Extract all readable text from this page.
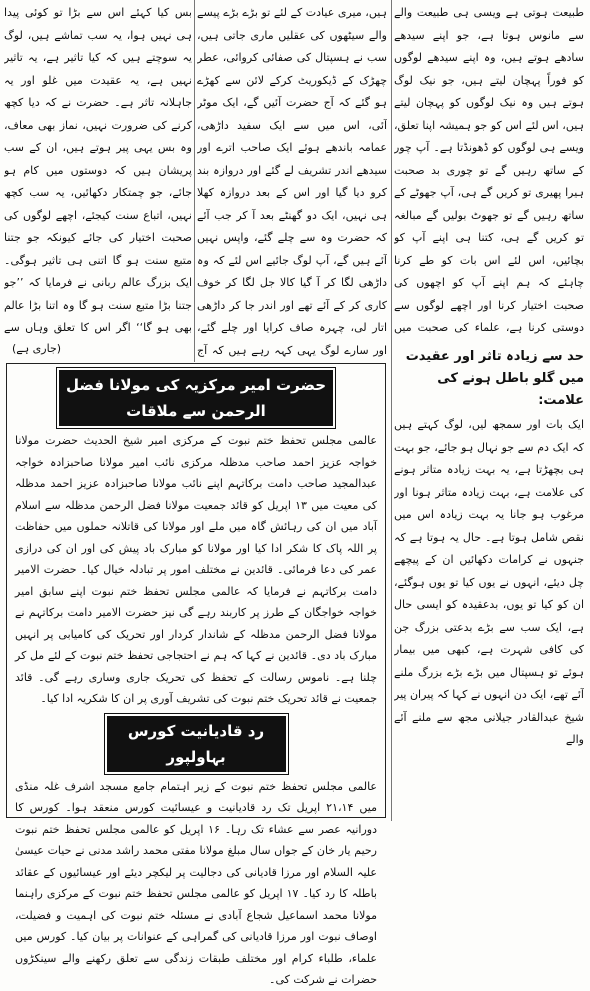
طبیعت ہوتی ہے ویسی ہی طبیعت والے سے مانوس ہوتا ہے، جو اپنے سیدھے سادھے ہوتے ہیں، وہ اپنے سیدھے لوگوں کو فوراً پہچان لیتے ہیں، جو نیک لوگ ہوتے ہیں وہ نیک لوگوں کو پہچان لیتے ہیں، اس لئے اس کو جو ہمیشہ اپنا تعلق، ویسے ہی لوگوں کو ڈھونڈتا ہے۔ آپ چور کے ساتھ رہیں گے تو چوری بد صحبت ہیرا پھیری تو کریں گے ہی، آپ جھوٹے کے ساتھ رہیں گے تو جھوٹ بولیں گے مبالغہ تو کریں گے ہی، کتنا ہی اپنے آپ کو بچائیں، اس لئے اس بات کو طے کرنا چاہئے کہ ہم اپنے آپ کو اچھوں کی صحبت اختیار کرنا اور اچھے لوگوں سے دوستی کرنا ہے، علماء کی صحبت میں

ہیں، میری عیادت کے لئے تو بڑے بڑے پیسے والے سیٹھوں کی عقلیں ماری جاتی ہیں، سب نے ہسپتال کی صفائی کروائی، عطر چھڑک کے ڈیکوریٹ کرکے لائن سے کھڑے ہو گئے کہ آج حضرت آئیں گے، ایک موٹر آئی، اس میں سے ایک سفید داڑھی، عمامہ باندھے ہوئے ایک صاحب اترے اور سیدھے اندر تشریف لے گئے اور دروازہ بند کرو دیا گیا اور اس کے بعد دروازہ کھلا ہی نہیں، ایک دو گھنٹے بعد آ کر جب آئے کہ حضرت وہ سے چلے گئے، واپس نہیں آئے ہیں گے، آپ لوگ جائیے اس لئے کہ وہ داڑھی لگا کر آ گیا کالا جل لگا کر خوف کاری کر کے آئے تھے اور اندر جا کر داڑھی اتار لی، چہرہ صاف کرایا اور چلے گئے، اور سارے لوگ یہی کہہ رہے ہیں کہ آج

بس کیا کہئے اس سے بڑا تو کوئی پیدا ہی نہیں ہوا، یہ سب تماشے ہیں، لوگ یہ سوچتے ہیں کہ کیا تاثیر ہے، یہ تاثیر نہیں ہے، یہ عقیدت میں غلو اور یہ جاہلانہ تاثر ہے۔ حضرت نے کہ دیا کچھ کرنے کی ضرورت نہیں، نماز بھی معاف، وہ بس یہی پیر ہوتے ہیں، ان کے سب پریشان ہیں کہ دوستوں میں کام ہو جائے، جو چمتکار دکھائیں، یہ سب کچھ نہیں، اتباع سنت کیجئے، اچھے لوگوں کی صحبت اختیار کی جائے کیونکہ جو جتنا متبع سنت ہو گا اتنی ہی تاثیر ہوگی۔ ایک بزرگ عالم ربانی نے فرمایا کہ ’’جو جتنا بڑا متبع سنت ہو گا وہ اتنا بڑا عالم بھی ہو گا‘‘ اگر اس کا تعلق وہاں سے

(جاری ہے)
حد سے زیادہ تاثر اور عقیدت میں گلو باطل ہونے کی علامت:

ایک بات اور سمجھ لیں، لوگ کہتے ہیں کہ ایک دم سے جو نہال ہو جائے، جو بہت ہی بچھڑتا ہے، یہ بہت زیادہ متاثر ہونے کی علامت ہے، بہت زیادہ متاثر ہونا اور مرغوب ہو جانا یہ بہت زیادہ اس میں نقص شامل ہوتا ہے۔ حال یہ ہوتا ہے کہ جنہوں نے کرامات دکھائیں ان کے پیچھے چل دیئے، انہوں نے یوں کیا تو یوں ہوگئے، ان کو کیا تو یوں، بدعقیدہ کو ایسی حال ہے، ایک سب سے بڑے بدعتی بزرگ جن کی کافی شہرت ہے، کبھی میں بیمار ہوئے تو ہسپتال میں بڑے بڑے بزرگ ملنے آئے تھے، ایک دن انہوں نے کہا کہ پیران پیر شیخ عبدالقادر جیلانی مجھ سے ملنے آئے والے

حضرت امیر مرکزیہ کی مولانا فضل الرحمن سے ملاقات

عالمی مجلس تحفظ ختم نبوت کے مرکزی امیر شیخ الحدیث حضرت مولانا خواجہ عزیز احمد صاحب مدظلہ مرکزی نائب امیر مولانا صاحبزادہ خواجہ عبدالمجید صاحب دامت برکاتہم اپنے نائب مولانا صاحبزادہ عزیز احمد مدظلہ کی معیت میں ۱۳ اپریل کو قائد جمعیت مولانا فضل الرحمن مدظلہ سے اسلام آباد میں ان کی رہائش گاہ میں ملے اور مولانا کی قاتلانہ حملوں میں حفاظت پر اللہ پاک کا شکر ادا کیا اور مولانا کو مبارک باد پیش کی اور ان کی درازی عمر کی دعا فرمائی۔ قائدین نے مختلف امور پر تبادلہ خیال کیا۔ حضرت الامیر دامت برکاتہم نے فرمایا کہ عالمی مجلس تحفظ ختم نبوت اپنے سابق امیر خواجہ خواجگان کے طرز پر کاربند رہے گی نیز حضرت الامیر دامت برکاتہم نے مولانا فضل الرحمن مدظلہ کے شاندار کردار اور تحریک کی کامیابی پر انہیں مبارک باد دی۔ قائدین نے کہا کہ ہم نے احتجاجی تحفظ ختم نبوت کے لئے مل کر چلنا ہے۔ ناموس رسالت کے تحفظ کی تحریک جاری وساری رہے گی۔ قائد جمعیت نے قائد تحریک ختم نبوت کی تشریف آوری پر ان کا شکریہ ادا کیا۔

رد قادیانیت کورس بہاولپور

عالمی مجلس تحفظ ختم نبوت کے زیر اہتمام جامع مسجد اشرف غلہ منڈی میں ۲۱،۱۴ اپریل تک رد قادیانیت و عیسائیت کورس منعقد ہوا۔ کورس کا دورانیہ عصر سے عشاء تک رہا۔ ۱۶ اپریل کو عالمی مجلس تحفظ ختم نبوت رحیم یار خان کے جواں سال مبلغ مولانا مفتی محمد راشد مدنی نے حیات عیسیٰ علیہ السلام اور مرزا قادیانی کی دجالیت پر لیکچر دیئے اور عیسائیوں کے عقائد باطلہ کا رد کیا۔ ۱۷ اپریل کو عالمی مجلس تحفظ ختم نبوت کے مرکزی راہنما مولانا محمد اسماعیل شجاع آبادی نے مسئلہ ختم نبوت کی اہمیت و فضیلت، اوصاف نبوت اور مرزا قادیانی کی گمراہی کے عنوانات پر بیان کیا۔ کورس میں علماء، طلباء کرام اور مختلف طبقات زندگی سے تعلق رکھنے والے سینکڑوں حضرات نے شرکت کی۔
